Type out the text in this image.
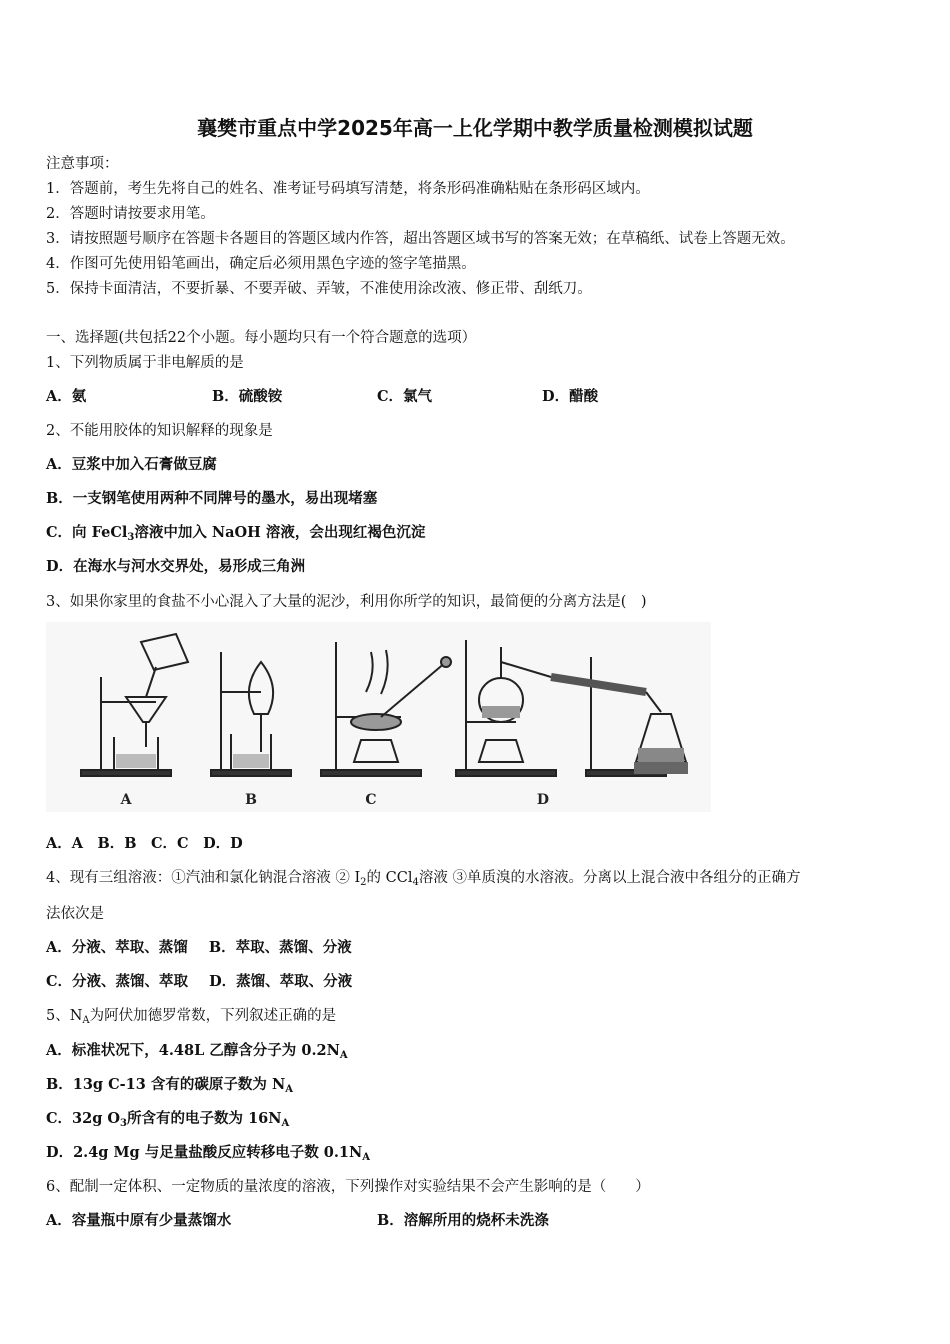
襄樊市重点中学2025年高一上化学期中教学质量检测模拟试题
注意事项：
1．答题前，考生先将自己的姓名、准考证号码填写清楚，将条形码准确粘贴在条形码区域内。
2．答题时请按要求用笔。
3．请按照题号顺序在答题卡各题目的答题区域内作答，超出答题区域书写的答案无效；在草稿纸、试卷上答题无效。
4．作图可先使用铅笔画出，确定后必须用黑色字迹的签字笔描黑。
5．保持卡面清洁，不要折暴、不要弄破、弄皱，不准使用涂改液、修正带、刮纸刀。
一、选择题(共包括22个小题。每小题均只有一个符合题意的选项）
1、下列物质属于非电解质的是
A．氨	B．硫酸铵	C．氯气	D．醋酸
2、不能用胶体的知识解释的现象是
A．豆浆中加入石膏做豆腐
B．一支钢笔使用两种不同牌号的墨水，易出现堵塞
C．向 FeCl$_3$溶液中加入 NaOH 溶液，会出现红褐色沉淀
D．在海水与河水交界处，易形成三角洲
3、如果你家里的食盐不小心混入了大量的泥沙，利用你所学的知识，最简便的分离方法是(　)
A	B	C	D
A．A　B．B　C．C　D．D
4、现有三组溶液：①汽油和氯化钠混合溶液 ② $I_2$的 CCl$_4$溶液 ③单质溴的水溶液。分离以上混合液中各组分的正确方
法依次是
A．分液、萃取、蒸馏 B．萃取、蒸馏、分液
C．分液、蒸馏、萃取 D．蒸馏、萃取、分液
5、$N_A$为阿伏加德罗常数，下列叙述正确的是
A．标准状况下，4.48L 乙醇含分子为 $0.2N_A$
B．13g C-13 含有的碳原子数为 $N_A$
C．32g $O_3$所含有的电子数为 $16N_A$
D．2.4g Mg 与足量盐酸反应转移电子数 $0.1N_A$
6、配制一定体积、一定物质的量浓度的溶液，下列操作对实验结果不会产生影响的是（　　）
A．容量瓶中原有少量蒸馏水	B．溶解所用的烧杯未洗涤
